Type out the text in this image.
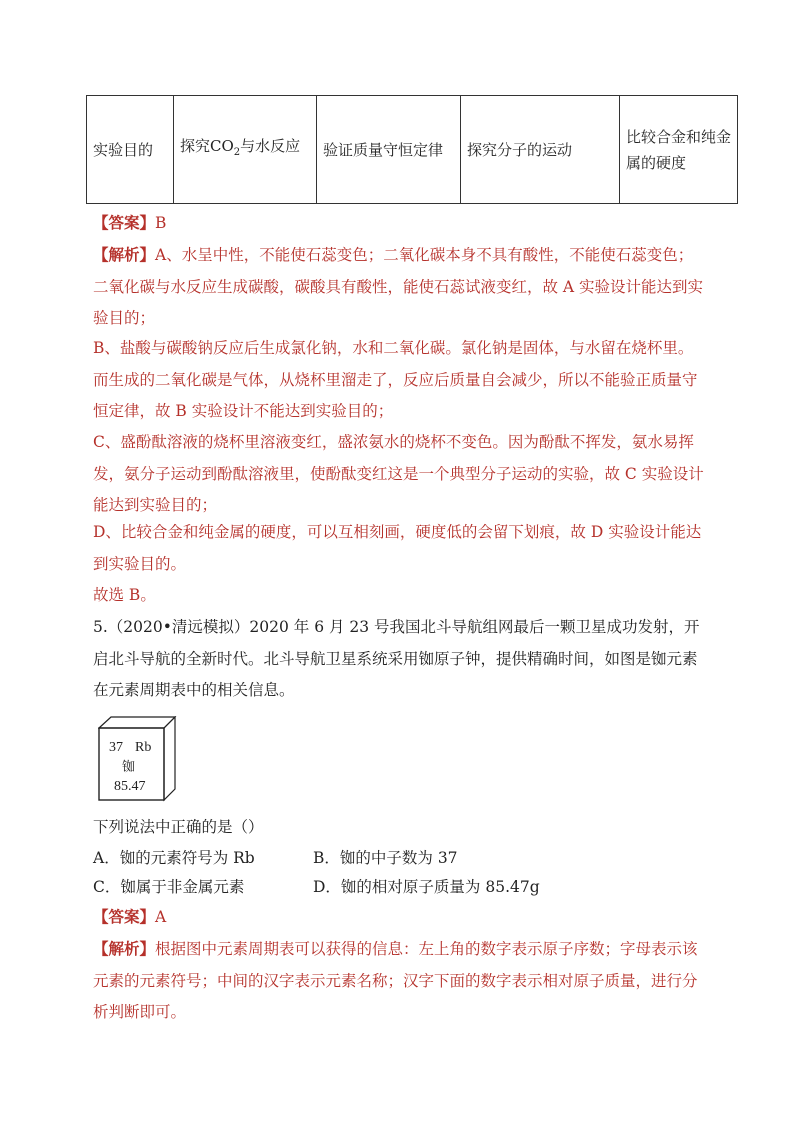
实验目的	探究$CO_2$与水反应	验证质量守恒定律	探究分子的运动	比较合金和纯金属的硬度

【答案】B

【解析】A、水呈中性，不能使石蕊变色；二氧化碳本身不具有酸性，不能使石蕊变色；二氧化碳与水反应生成碳酸，碳酸具有酸性，能使石蕊试液变红，故 A 实验设计能达到实验目的；

B、盐酸与碳酸钠反应后生成氯化钠，水和二氧化碳。氯化钠是固体，与水留在烧杯里。而生成的二氧化碳是气体，从烧杯里溜走了，反应后质量自会减少，所以不能验正质量守恒定律，故 B 实验设计不能达到实验目的；

C、盛酚酞溶液的烧杯里溶液变红，盛浓氨水的烧杯不变色。因为酚酞不挥发，氨水易挥发，氨分子运动到酚酞溶液里，使酚酞变红这是一个典型分子运动的实验，故 C 实验设计能达到实验目的；

D、比较合金和纯金属的硬度，可以互相刻画，硬度低的会留下划痕，故 D 实验设计能达到实验目的。

故选 B。

5.（2020•清远模拟）2020 年 6 月 23 号我国北斗导航组网最后一颗卫星成功发射，开启北斗导航的全新时代。北斗导航卫星系统采用铷原子钟，提供精确时间，如图是铷元素在元素周期表中的相关信息。

37 Rb
铷
85.47

下列说法中正确的是（）

A．铷的元素符号为 Rb	B．铷的中子数为 37
C．铷属于非金属元素	D．铷的相对原子质量为 85.47g

【答案】A

【解析】根据图中元素周期表可以获得的信息：左上角的数字表示原子序数；字母表示该元素的元素符号；中间的汉字表示元素名称；汉字下面的数字表示相对原子质量，进行分析判断即可。
